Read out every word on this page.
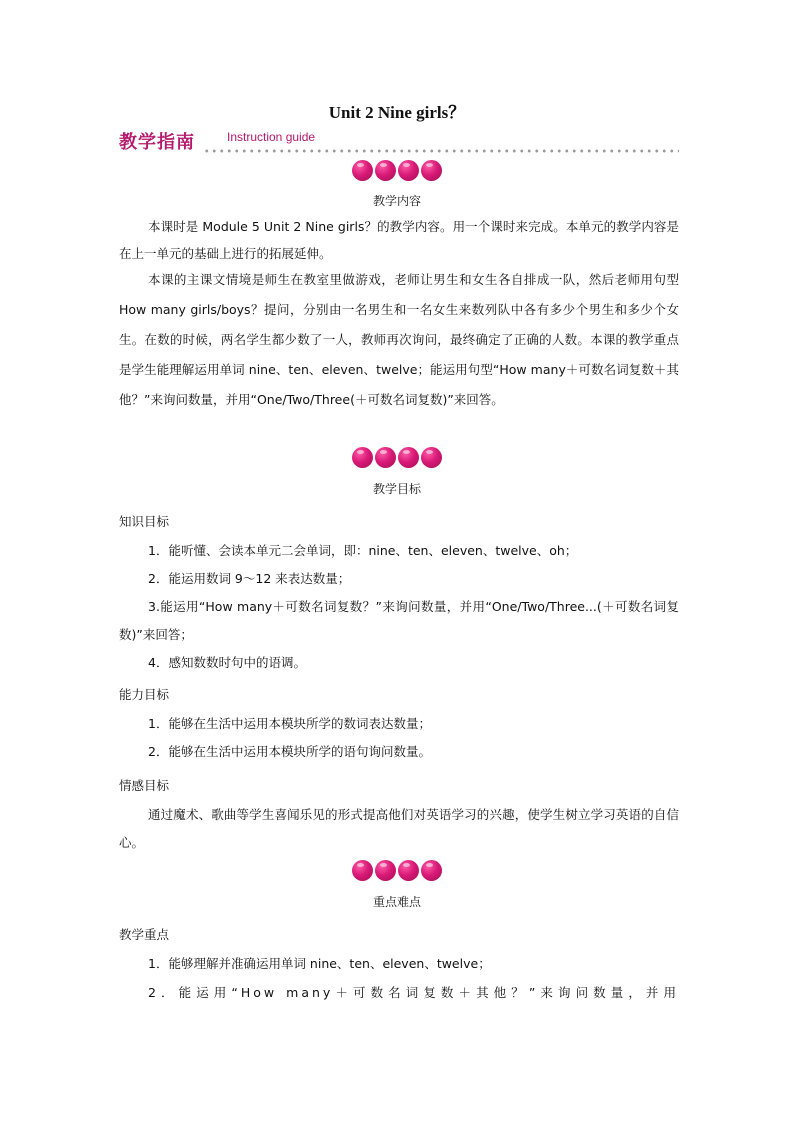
Unit 2 Nine girls？
教学指南	Instruction guide
教学内容
本课时是 Module 5 Unit 2 Nine girls？的教学内容。用一个课时来完成。本单元的教学内容是在上一单元的基础上进行的拓展延伸。
本课的主课文情境是师生在教室里做游戏，老师让男生和女生各自排成一队，然后老师用句型 How many girls/boys？提问，分别由一名男生和一名女生来数列队中各有多少个男生和多少个女生。在数的时候，两名学生都少数了一人，教师再次询问，最终确定了正确的人数。本课的教学重点是学生能理解运用单词 nine、ten、eleven、twelve；能运用句型“How many＋可数名词复数＋其他？”来询问数量，并用“One/Two/Three(＋可数名词复数)”来回答。
教学目标
知识目标
1．能听懂、会读本单元二会单词，即：nine、ten、eleven、twelve、oh；
2．能运用数词 9～12 来表达数量；
3.能运用“How many＋可数名词复数？”来询问数量，并用“One/Two/Three...(＋可数名词复数)”来回答；
4．感知数数时句中的语调。
能力目标
1．能够在生活中运用本模块所学的数词表达数量；
2．能够在生活中运用本模块所学的语句询问数量。
情感目标
通过魔术、歌曲等学生喜闻乐见的形式提高他们对英语学习的兴趣，使学生树立学习英语的自信心。
重点难点
教学重点
1．能够理解并准确运用单词 nine、ten、eleven、twelve；
2．能运用“How many＋可数名词复数＋其他？”来询问数量，并用
